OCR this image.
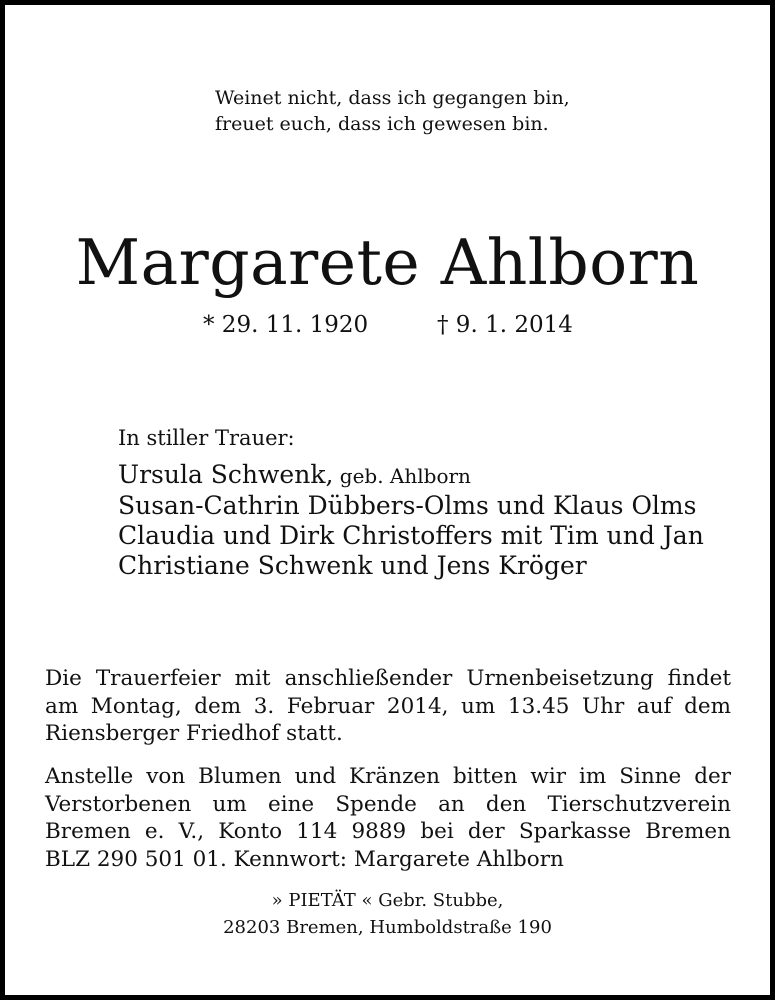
Weinet nicht, dass ich gegangen bin,
freuet euch, dass ich gewesen bin.

Margarete Ahlborn
* 29. 11. 1920	† 9. 1. 2014

In stiller Trauer:

Ursula Schwenk, geb. Ahlborn
Susan-Cathrin Dübbers-Olms und Klaus Olms
Claudia und Dirk Christoffers mit Tim und Jan
Christiane Schwenk und Jens Kröger

Die Trauerfeier mit anschließender Urnenbeisetzung findet
am Montag, dem 3. Februar 2014, um 13.45 Uhr auf dem
Riensberger Friedhof statt.

Anstelle von Blumen und Kränzen bitten wir im Sinne der
Verstorbenen um eine Spende an den Tierschutzverein
Bremen e. V., Konto 114 9889 bei der Sparkasse Bremen
BLZ 290 501 01. Kennwort: Margarete Ahlborn

» PIETÄT « Gebr. Stubbe,
28203 Bremen, Humboldstraße 190
